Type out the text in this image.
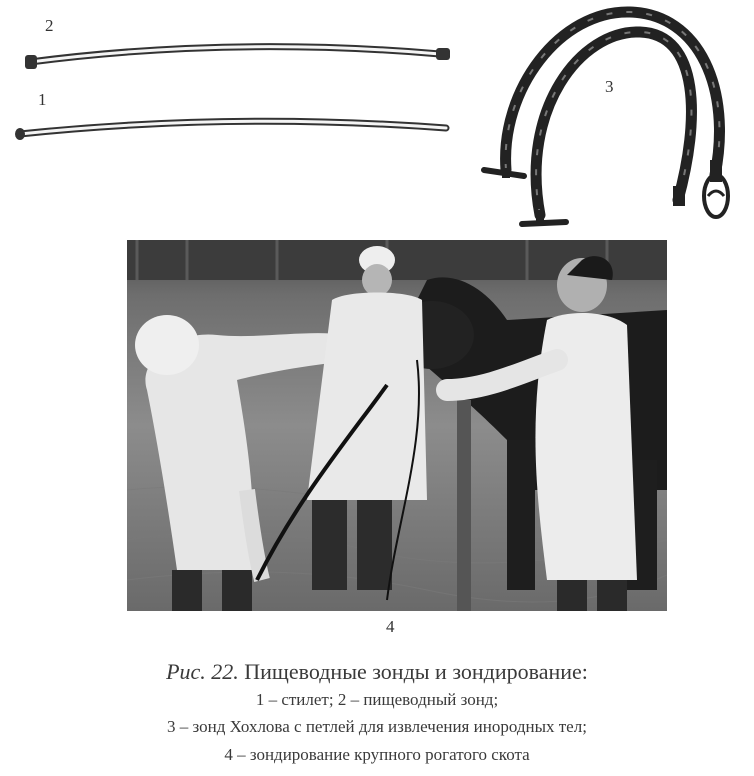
2
1
3
4
Рис. 22. Пищеводные зонды и зондирование:
1 – стилет; 2 – пищеводный зонд;
3 – зонд Хохлова с петлей для извлечения инородных тел;
4 – зондирование крупного рогатого скота
